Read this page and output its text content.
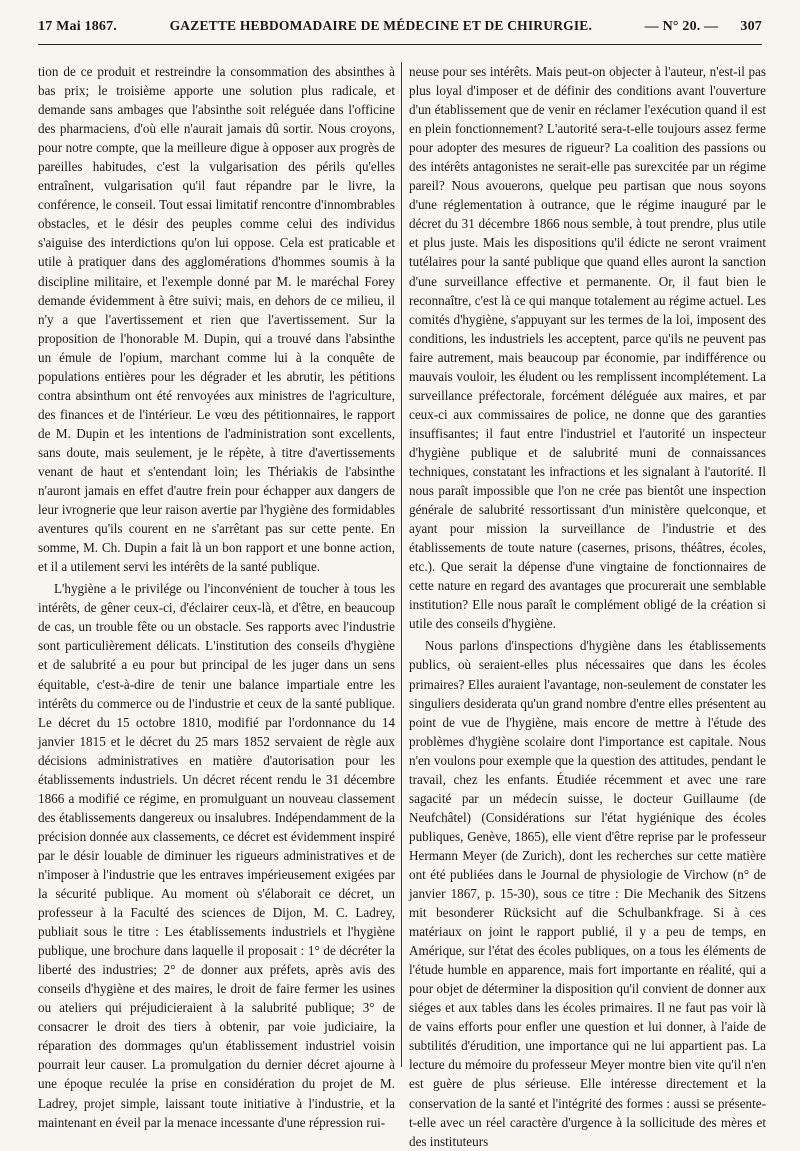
17 Mai 1867.	GAZETTE HEBDOMADAIRE DE MÉDECINE ET DE CHIRURGIE.	— N° 20. — 307

tion de ce produit et restreindre la consommation des absinthes à bas prix; le troisième apporte une solution plus radicale, et demande sans ambages que l'absinthe soit reléguée dans l'officine des pharmaciens, d'où elle n'aurait jamais dû sortir. Nous croyons, pour notre compte, que la meilleure digue à opposer aux progrès de pareilles habitudes, c'est la vulgarisation des périls qu'elles entraînent, vulgarisation qu'il faut répandre par le livre, la conférence, le conseil. Tout essai limitatif rencontre d'innombrables obstacles, et le désir des peuples comme celui des individus s'aiguise des interdictions qu'on lui oppose. Cela est praticable et utile à pratiquer dans des agglomérations d'hommes soumis à la discipline militaire, et l'exemple donné par M. le maréchal Forey demande évidemment à être suivi; mais, en dehors de ce milieu, il n'y a que l'avertissement et rien que l'avertissement. Sur la proposition de l'honorable M. Dupin, qui a trouvé dans l'absinthe un émule de l'opium, marchant comme lui à la conquête de populations entières pour les dégrader et les abrutir, les pétitions contra absinthum ont été renvoyées aux ministres de l'agriculture, des finances et de l'intérieur. Le vœu des pétitionnaires, le rapport de M. Dupin et les intentions de l'administration sont excellents, sans doute, mais seulement, je le répète, à titre d'avertissements venant de haut et s'entendant loin; les Thériakis de l'absinthe n'auront jamais en effet d'autre frein pour échapper aux dangers de leur ivrognerie que leur raison avertie par l'hygiène des formidables aventures qu'ils courent en ne s'arrêtant pas sur cette pente. En somme, M. Ch. Dupin a fait là un bon rapport et une bonne action, et il a utilement servi les intérêts de la santé publique.

L'hygiène a le privilége ou l'inconvénient de toucher à tous les intérêts, de gêner ceux-ci, d'éclairer ceux-là, et d'être, en beaucoup de cas, un trouble fête ou un obstacle. Ses rapports avec l'industrie sont particulièrement délicats. L'institution des conseils d'hygiène et de salubrité a eu pour but principal de les juger dans un sens équitable, c'est-à-dire de tenir une balance impartiale entre les intérêts du commerce ou de l'industrie et ceux de la santé publique. Le décret du 15 octobre 1810, modifié par l'ordonnance du 14 janvier 1815 et le décret du 25 mars 1852 servaient de règle aux décisions administratives en matière d'autorisation pour les établissements industriels. Un décret récent rendu le 31 décembre 1866 a modifié ce régime, en promulguant un nouveau classement des établissements dangereux ou insalubres. Indépendamment de la précision donnée aux classements, ce décret est évidemment inspiré par le désir louable de diminuer les rigueurs administratives et de n'imposer à l'industrie que les entraves impérieusement exigées par la sécurité publique. Au moment où s'élaborait ce décret, un professeur à la Faculté des sciences de Dijon, M. C. Ladrey, publiait sous le titre : Les établissements industriels et l'hygiène publique, une brochure dans laquelle il proposait : 1° de décréter la liberté des industries; 2° de donner aux préfets, après avis des conseils d'hygiène et des maires, le droit de faire fermer les usines ou ateliers qui préjudicieraient à la salubrité publique; 3° de consacrer le droit des tiers à obtenir, par voie judiciaire, la réparation des dommages qu'un établissement industriel voisin pourrait leur causer. La promulgation du dernier décret ajourne à une époque reculée la prise en considération du projet de M. Ladrey, projet simple, laissant toute initiative à l'industrie, et la maintenant en éveil par la menace incessante d'une répression rui-

neuse pour ses intérêts. Mais peut-on objecter à l'auteur, n'est-il pas plus loyal d'imposer et de définir des conditions avant l'ouverture d'un établissement que de venir en réclamer l'exécution quand il est en plein fonctionnement? L'autorité sera-t-elle toujours assez ferme pour adopter des mesures de rigueur? La coalition des passions ou des intérêts antagonistes ne serait-elle pas surexcitée par un régime pareil? Nous avouerons, quelque peu partisan que nous soyons d'une réglementation à outrance, que le régime inauguré par le décret du 31 décembre 1866 nous semble, à tout prendre, plus utile et plus juste. Mais les dispositions qu'il édicte ne seront vraiment tutélaires pour la santé publique que quand elles auront la sanction d'une surveillance effective et permanente. Or, il faut bien le reconnaître, c'est là ce qui manque totalement au régime actuel. Les comités d'hygiène, s'appuyant sur les termes de la loi, imposent des conditions, les industriels les acceptent, parce qu'ils ne peuvent pas faire autrement, mais beaucoup par économie, par indifférence ou mauvais vouloir, les éludent ou les remplissent incomplétement. La surveillance préfectorale, forcément déléguée aux maires, et par ceux-ci aux commissaires de police, ne donne que des garanties insuffisantes; il faut entre l'industriel et l'autorité un inspecteur d'hygiène publique et de salubrité muni de connaissances techniques, constatant les infractions et les signalant à l'autorité. Il nous paraît impossible que l'on ne crée pas bientôt une inspection générale de salubrité ressortissant d'un ministère quelconque, et ayant pour mission la surveillance de l'industrie et des établissements de toute nature (casernes, prisons, théâtres, écoles, etc.). Que serait la dépense d'une vingtaine de fonctionnaires de cette nature en regard des avantages que procurerait une semblable institution? Elle nous paraît le complément obligé de la création si utile des conseils d'hygiène.

Nous parlons d'inspections d'hygiène dans les établissements publics, où seraient-elles plus nécessaires que dans les écoles primaires? Elles auraient l'avantage, non-seulement de constater les singuliers desiderata qu'un grand nombre d'entre elles présentent au point de vue de l'hygiène, mais encore de mettre à l'étude des problèmes d'hygiène scolaire dont l'importance est capitale. Nous n'en voulons pour exemple que la question des attitudes, pendant le travail, chez les enfants. Étudiée récemment et avec une rare sagacité par un médecin suisse, le docteur Guillaume (de Neufchâtel) (Considérations sur l'état hygiénique des écoles publiques, Genève, 1865), elle vient d'être reprise par le professeur Hermann Meyer (de Zurich), dont les recherches sur cette matière ont été publiées dans le Journal de physiologie de Virchow (n° de janvier 1867, p. 15-30), sous ce titre : Die Mechanik des Sitzens mit besonderer Rücksicht auf die Schulbankfrage. Si à ces matériaux on joint le rapport publié, il y a peu de temps, en Amérique, sur l'état des écoles publiques, on a tous les éléments de l'étude humble en apparence, mais fort importante en réalité, qui a pour objet de déterminer la disposition qu'il convient de donner aux siéges et aux tables dans les écoles primaires. Il ne faut pas voir là de vains efforts pour enfler une question et lui donner, à l'aide de subtilités d'érudition, une importance qui ne lui appartient pas. La lecture du mémoire du professeur Meyer montre bien vite qu'il n'en est guère de plus sérieuse. Elle intéresse directement et la conservation de la santé et l'intégrité des formes : aussi se présente-t-elle avec un réel caractère d'urgence à la sollicitude des mères et des instituteurs
